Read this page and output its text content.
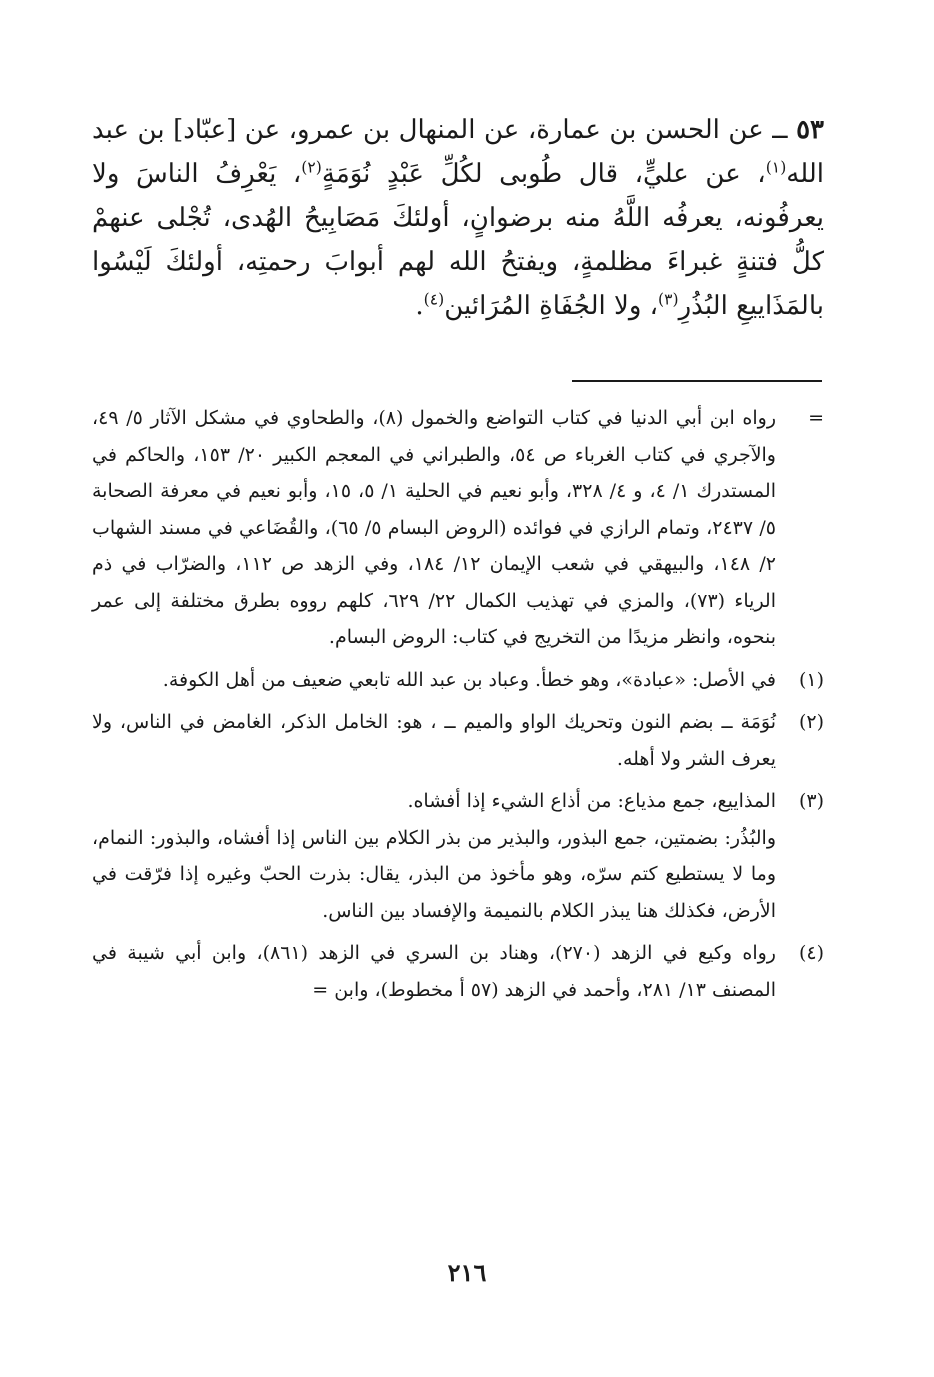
٥٣ ــ عن الحسن بن عمارة، عن المنهال بن عمرو، عن [عبّاد] بن عبد الله$^{(١)}$، عن عليٍّ، قال طُوبى لكُلِّ عَبْدٍ نُوَمَةٍ$^{(٢)}$، يَعْرِفُ الناسَ ولا يعرفُونه، يعرفُه اللَّهُ منه برضوانٍ، أولئكَ مَصَابِيحُ الهُدى، تُجْلى عنهمْ كلُّ فتنةٍ غبراءَ مظلمةٍ، ويفتحُ الله لهم أبوابَ رحمتِه، أولئكَ لَيْسُوا بالمَذَاييعِ البُذُرِ$^{(٣)}$، ولا الجُفَاةِ المُرَائين$^{(٤)}$.

=

رواه ابن أبي الدنيا في كتاب التواضع والخمول (٨)، والطحاوي في مشكل الآثار ٥/ ٤٩، والآجري في كتاب الغرباء ص ٥٤، والطبراني في المعجم الكبير ٢٠/ ١٥٣، والحاكم في المستدرك ١/ ٤، و ٤/ ٣٢٨، وأبو نعيم في الحلية ١/ ٥، ١٥، وأبو نعيم في معرفة الصحابة ٥/ ٢٤٣٧، وتمام الرازي في فوائده (الروض البسام ٥/ ٦٥)، والقُضَاعي في مسند الشهاب ٢/ ١٤٨، والبيهقي في شعب الإيمان ١٢/ ١٨٤، وفي الزهد ص ١١٢، والضرّاب في ذم الرياء (٧٣)، والمزي في تهذيب الكمال ٢٢/ ٦٢٩، كلهم رووه بطرق مختلفة إلى عمر بنحوه، وانظر مزيدًا من التخريج في كتاب: الروض البسام.

(١)

في الأصل: «عبادة»، وهو خطأ. وعباد بن عبد الله تابعي ضعيف من أهل الكوفة.

(٢)

نُوَمَة ــ بضم النون وتحريك الواو والميم ــ ، هو: الخامل الذكر، الغامض في الناس، ولا يعرف الشر ولا أهله.

(٣)

المذاييع، جمع مذياع: من أذاع الشيء إذا أفشاه.

والبُذُر: بضمتين، جمع البذور، والبذير من بذر الكلام بين الناس إذا أفشاه، والبذور: النمام، وما لا يستطيع كتم سرّه، وهو مأخوذ من البذر، يقال: بذرت الحبّ وغيره إذا فرّقت في الأرض، فكذلك هنا يبذر الكلام بالنميمة والإفساد بين الناس.

(٤)

رواه وكيع في الزهد (٢٧٠)، وهناد بن السري في الزهد (٨٦١)، وابن أبي شيبة في المصنف ١٣/ ٢٨١، وأحمد في الزهد (٥٧ أ مخطوط)، وابن =

٢١٦
